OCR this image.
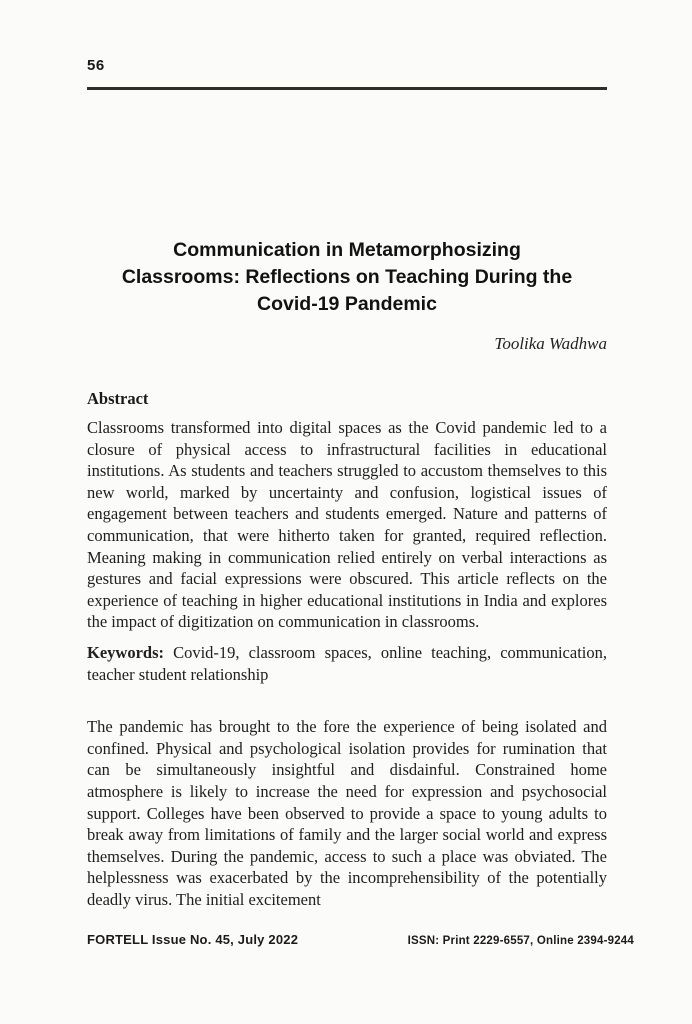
56
Communication in Metamorphosizing
Classrooms: Reflections on Teaching During the
Covid-19 Pandemic
Toolika Wadhwa
Abstract

Classrooms transformed into digital spaces as the Covid pandemic led to a closure of physical access to infrastructural facilities in educational institutions. As students and teachers struggled to accustom themselves to this new world, marked by uncertainty and confusion, logistical issues of engagement between teachers and students emerged. Nature and patterns of communication, that were hitherto taken for granted, required reflection. Meaning making in communication relied entirely on verbal interactions as gestures and facial expressions were obscured. This article reflects on the experience of teaching in higher educational institutions in India and explores the impact of digitization on communication in classrooms.

Keywords: Covid-19, classroom spaces, online teaching, communication, teacher student relationship

The pandemic has brought to the fore the experience of being isolated and confined. Physical and psychological isolation provides for rumination that can be simultaneously insightful and disdainful. Constrained home atmosphere is likely to increase the need for expression and psychosocial support. Colleges have been observed to provide a space to young adults to break away from limitations of family and the larger social world and express themselves. During the pandemic, access to such a place was obviated. The helplessness was exacerbated by the incomprehensibility of the potentially deadly virus. The initial excitement

FORTELL Issue No. 45, July 2022	ISSN: Print 2229-6557, Online 2394-9244
